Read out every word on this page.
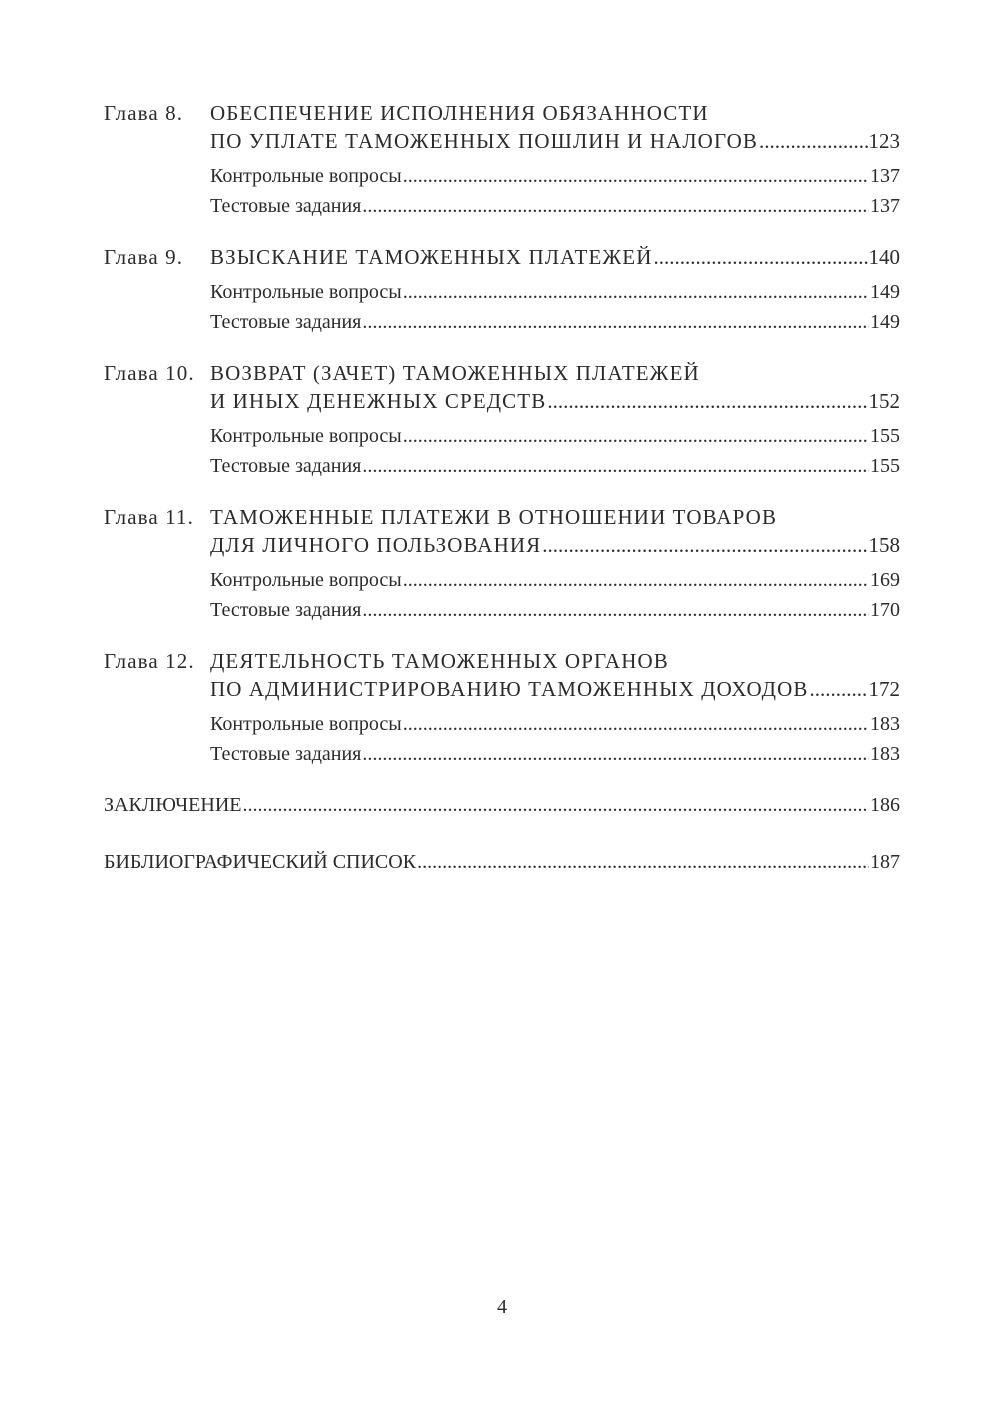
Глава 8.	ОБЕСПЕЧЕНИЕ ИСПОЛНЕНИЯ ОБЯЗАННОСТИ
ПО УПЛАТЕ ТАМОЖЕННЫХ ПОШЛИН И НАЛОГОВ .....	123
Контрольные вопросы .....	137
Тестовые задания .....	137
Глава 9.	ВЗЫСКАНИЕ ТАМОЖЕННЫХ ПЛАТЕЖЕЙ .....	140
Контрольные вопросы .....	149
Тестовые задания .....	149
Глава 10. ВОЗВРАТ (ЗАЧЕТ) ТАМОЖЕННЫХ ПЛАТЕЖЕЙ
И ИНЫХ ДЕНЕЖНЫХ СРЕДСТВ .....	152
Контрольные вопросы .....	155
Тестовые задания .....	155
Глава 11. ТАМОЖЕННЫЕ ПЛАТЕЖИ В ОТНОШЕНИИ ТОВАРОВ
ДЛЯ ЛИЧНОГО ПОЛЬЗОВАНИЯ .....	158
Контрольные вопросы .....	169
Тестовые задания .....	170
Глава 12. ДЕЯТЕЛЬНОСТЬ ТАМОЖЕННЫХ ОРГАНОВ
ПО АДМИНИСТРИРОВАНИЮ ТАМОЖЕННЫХ ДОХОДОВ .....	172
Контрольные вопросы .....	183
Тестовые задания .....	183
ЗАКЛЮЧЕНИЕ .....	186
БИБЛИОГРАФИЧЕСКИЙ СПИСОК .....	187
4
